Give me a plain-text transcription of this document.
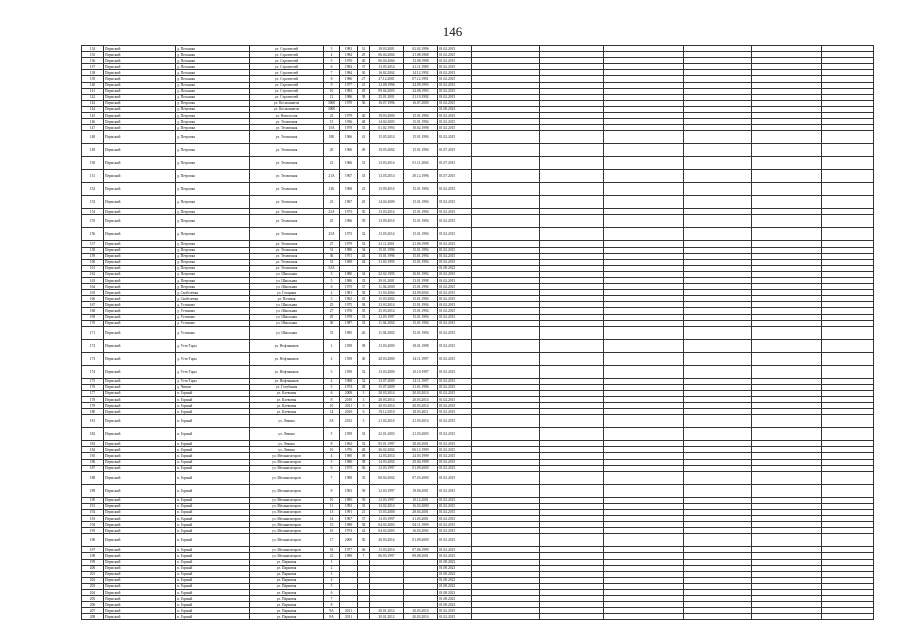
146
134	Пермский	д. Песьянка	ул. Строителей	3	1983	31	18.03.2001	02.02.1996	01.02.2015						
135	Пермский	д. Песьянка	ул. Строителей	4	1984	29	06.04.2004	21.08.1968	01.02.2015						
136	Пермский	д. Песьянка	ул. Строителей	5	1970	40	06.04.2004	12.08.1998	01.02.2015						
137	Пермский	д. Песьянка	ул. Строителей	6	1984	37	13.05.2014	21.11.1980	01.02.2015						
138	Пермский	д. Песьянка	ул. Строителей	7	1984	30	16.02.2002	14.12.1992	01.02.2015						
139	Пермский	д. Песьянка	ул. Строителей	8	1986	27	27.12.2001	07.12.1991	01.02.2015						
140	Пермский	д. Песьянка	ул. Строителей	9	1977	41	12.08.1996	24.09.1993	01.02.2015						
141	Пермский	д. Песьянка	ул. Строителей	10	1983	29	09.04.2003	24.08.1993	01.02.2015						
142	Пермский	д. Песьянка	ул. Строителей	12	1986	38	25.01.2001	21.10.1992	01.02.2015						
143	Пермский	д. Петровка	ул. Космонавтов	3000	1970	36	16.07.1996	16.07.2000	01.02.2015						
144	Пермский	д. Петровка	ул. Космонавтов	3000					01.08.2023						
145	Пермский	д. Петровка	ул. Новоселов	23	1979	40	19.03.2000	15.01.1994	01.02.2015						
146	Пермский	д. Петровка	ул. Тепличная	15	1936	48	14.04.2003	15.01.1994	01.02.2015						
147	Пермский	д. Петровка	ул. Тепличная	15А	1979	33	01.02.1993	10.02.1998	01.02.2015						
148	Пермский	д. Петровка	ул. Тепличная	18Б	1966	41	15.05.2014	15.01.1994	01.02.2015						
149	Пермский	д. Петровка	ул. Тепличная	20	1966	49	19.05.2002	15.01.1994	01.07.2015						
150	Пермский	д. Петровка	ул. Тепличная	21	1966	31	13.03.2014	01.11.2004	01.07.2015						
151	Пермский	д. Петровка	ул. Тепличная	21А	1967	33	13.05.2014	30.12.1996	01.07.2015						
152	Пермский	д. Петровка	ул. Тепличная	21Б	1968	23	15.09.2014	15.01.1994	01.02.2015						
153	Пермский	д. Петровка	ул. Тепличная	23	1967	45	14.04.2009	15.01.1994	01.02.2015						
154	Пермский	д. Петровка	ул. Тепличная	23А	1973	30	13.03.2014	15.01.1994	01.02.2015						
155	Пермский	д. Петровка	ул. Тепличная	25	1966	39	13.09.2014	15.01.1994	01.02.2015						
156	Пермский	д. Петровка	ул. Тепличная	25А	1973	32	13.05.2014	15.01.1994	01.02.2015						
157	Пермский	д. Петровка	ул. Тепличная	27	1979	33	21.11.2001	21.06.1998	01.02.2015						
158	Пермский	д. Петровка	ул. Тепличная	31	1980	34	15.01.1996	15.01.1994	01.02.2015						
159	Пермский	д. Петровка	ул. Тепличная	36	1971	43	15.01.1996	15.01.1994	01.02.2015						
160	Пермский	д. Петровка	ул. Тепличная	51	1969	44	31.03.1995	15.01.1994	01.02.2015						
161	Пермский	д. Петровка	ул. Тепличная	52А					01.08.2023						
162	Пермский	д. Петровка	ул. Школьная	3	1980	34	22.02.1995	16.01.1992	01.02.2015						
163	Пермский	д. Петровка	ул. Школьная	5	1986	33	29.01.2001	13.01.1998	01.02.2015						
164	Пермский	д. Петровка	ул. Школьная	6	1975	37	11.04.2000	15.01.1994	01.02.2015						
165	Пермский	д. Скобелевка	ул. Гагарина	2	1981	38	31.03.2004	24.09.2004	01.02.2015						
166	Пермский	д. Скобелевка	ул. Полевая	3	1963	45	15.03.2002	15.01.1994	01.02.2015						
167	Пермский	д. Устиново	ул. Школьная	25	1975	38	13.03.2014	15.01.1994	01.02.2015						
168	Пермский	д. Устиново	ул. Школьная	27	1976	35	25.03.2014	15.01.1994	01.02.2015						
169	Пермский	д. Устиново	ул. Школьная	29	1978	33	12.03.1997	15.01.1994	01.02.2015						
170	Пермский	д. Устиново	ул. Школьная	30	1987	33	11.04.2002	15.01.1994	01.02.2015						
171	Пермский	д. Устиново	ул. Школьная	31	1985	26	11.04.2002	15.01.1994	01.02.2015						
172	Пермский	д. Усть-Тары	ул. Нефтяников	1	1939	38	13.03.2000	18.01.1998	01.02.2015						
173	Пермский	д. Усть-Тары	ул. Нефтяников	2	1939	30	20.03.2000	14.11.1997	01.02.2015						
174	Пермский	д. Усть-Тары	ул. Нефтяников	3	1939	32	13.03.2000	10.10.1997	01.02.2015						
175	Пермский	д. Усть-Тары	ул. Нефтяников	4	1968	32	13.07.2000	14.11.1997	01.02.2015						
176	Пермский	д. Чешки	ул. Голубиная	5	1974	28	15.07.2009	31.01.1996	01.02.2015						
177	Пермский	п. Горный	ул. Клевовая	6	2008	3	20.03.2014	20.03.2014	01.02.2015						
178	Пермский	п. Горный	ул. Клевовая	8	2010	3	20.03.2014	20.03.2014	01.02.2015						
179	Пермский	п. Горный	ул. Клевовая	10	2011	3	20.03.2014	20.03.2014	01.02.2015						
180	Пермский	п. Горный	ул. Клевовая	14	2010	6	19.12.2010	18.03.2011	01.02.2015						
181	Пермский	п. Горный	ул. Левина	3А	2012	3	21.02.2014	21.05.2014	01.02.2015						
182	Пермский	п. Горный	ул. Левина	5	1959	33	22.01.2003	21.03.2003	01.02.2015						
183	Пермский	п. Горный	ул. Левина	8	1962	32	05.01.1997	28.04.2001	01.02.2015						
184	Пермский	п. Горный	ул. Левина	10	1976	28	26.02.2002	06.12.1999	01.02.2015						
185	Пермский	п. Горный	ул. Механизаторов	4	1980	39	12.03.2014	24.03.1999	01.02.2015						
186	Пермский	п. Горный	ул. Механизаторов	5	1980	38	14.03.2002	29.04.1999	01.02.2015						
187	Пермский	п. Горный	ул. Механизаторов	6	1975	36	12.03.1997	01.09.2000	01.02.2015						
188	Пермский	п. Горный	ул. Механизаторов	7	1988	35	08.04.2002	07.03.2000	01.02.2015						
189	Пермский	п. Горный	ул. Механизаторов	8	1963	39	12.03.1997	18.06.2001	01.02.2015						
190	Пермский	п. Горный	ул. Механизаторов	10	1985	39	12.03.1997	10.12.2001	01.02.2015						
191	Пермский	п. Горный	ул. Механизаторов	11	1992	33	13.02.2014	16.03.2000	01.02.2015						
192	Пермский	п. Горный	ул. Механизаторов	13	1991	21	15.03.2000	28.04.2001	01.02.2015						
193	Пермский	п. Горный	ул. Механизаторов	14	1967	37	13.03.1997	21.03.2001	01.02.2015						
194	Пермский	п. Горный	ул. Механизаторов	15	1989	38	04.02.2003	04.11.1999	01.02.2015						
195	Пермский	п. Горный	ул. Механизаторов	16	1974	42	04.02.2003	16.03.2002	01.02.2015						
196	Пермский	п. Горный	ул. Механизаторов	17	2000	30	20.03.2014	01.09.2000	01.02.2015						
197	Пермский	п. Горный	ул. Механизаторов	18	1977	46	13.03.2014	07.06.1999	01.02.2015						
198	Пермский	п. Горный	ул. Механизаторов	21	1980	7	06.03.1997	09.08.2001	01.02.2015						
199	Пермский	п. Горный	ул. Парковая	1					01.08.2023						
200	Пермский	п. Горный	ул. Парковая	2					01.08.2023						
201	Пермский	п. Горный	ул. Парковая	3					01.08.2023						
202	Пермский	п. Горный	ул. Парковая	4					01.08.2023						
203	Пермский	п. Горный	ул. Парковая	5					01.08.2023						
204	Пермский	п. Горный	ул. Парковая	6					01.08.2023						
205	Пермский	п. Горный	ул. Парковая	7					01.08.2023						
206	Пермский	п. Горный	ул. Парковая	8					01.08.2023						
207	Пермский	п. Горный	ул. Парковая	9А	2011		20.01.2012	20.03.2014	01.02.2015						
208	Пермский	п. Горный	ул. Парковая	9А	2011		20.01.2012	20.03.2014	01.02.2015						
